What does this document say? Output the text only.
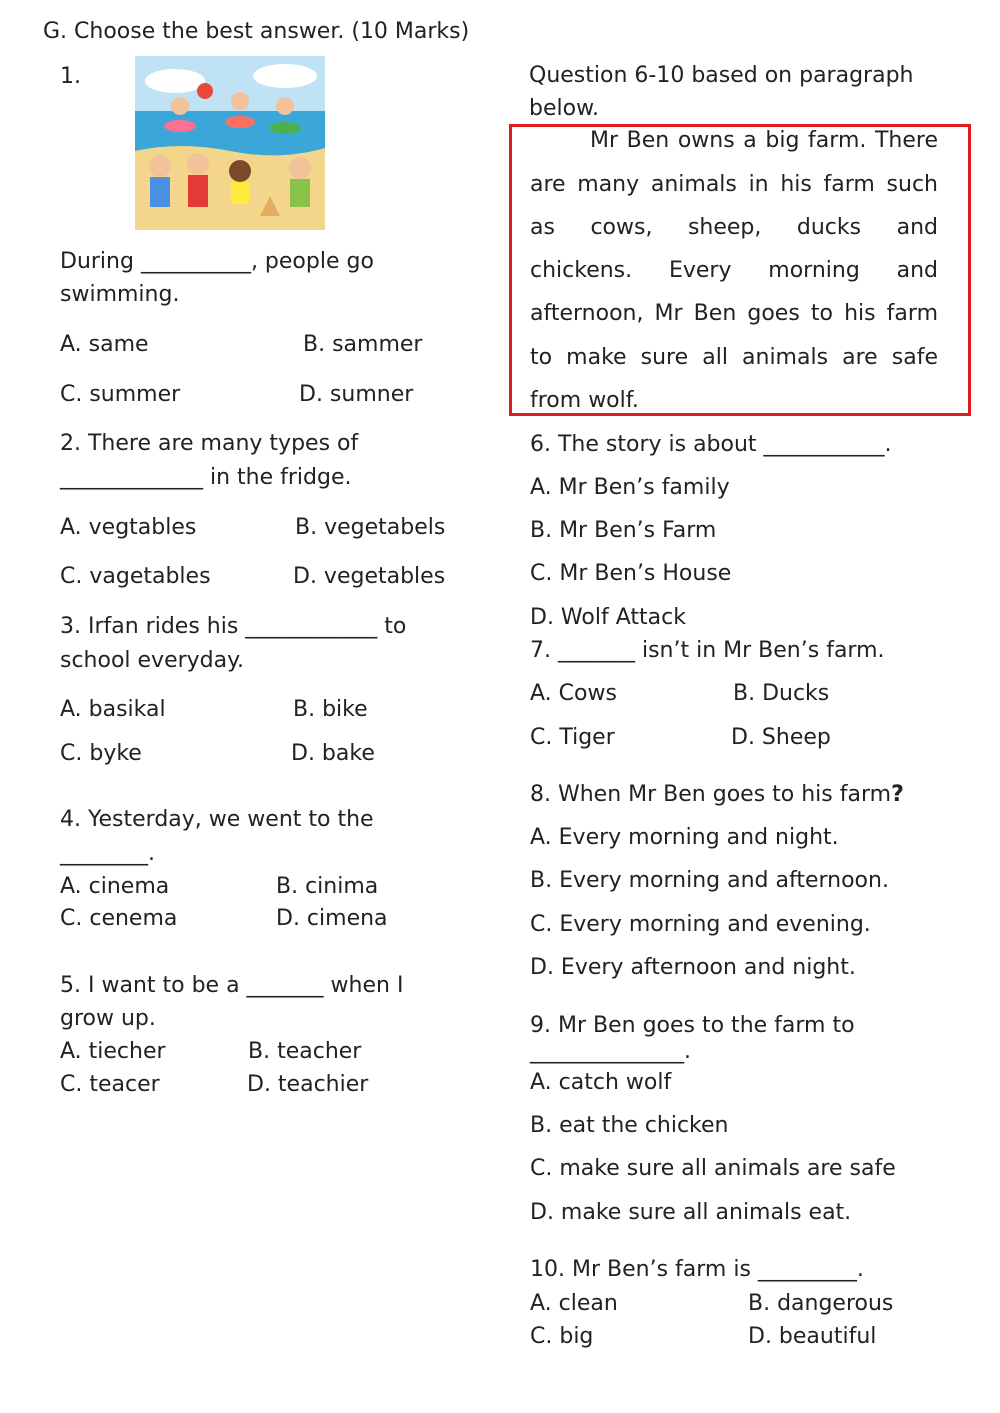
G. Choose the best answer. (10 Marks)
1.
During __________, people go
swimming.
A. same	B. sammer
C. summer	D. sumner
2. There are many types of
_____________ in the fridge.
A. vegtables	B. vegetabels
C. vagetables	D. vegetables
3. Irfan rides his ____________ to
school everyday.
A. basikal	B. bike
C. byke	D. bake
4. Yesterday, we went to the
________.
A. cinema	B. cinima
C. cenema	D. cimena
5. I want to be a _______ when I
grow up.
A. tiecher	B. teacher
C. teacer	D. teachier
Question 6-10 based on paragraph
below.
Mr Ben owns a big farm. There
are many animals in his farm such
as cows, sheep, ducks and
chickens. Every morning and
afternoon, Mr Ben goes to his farm
to make sure all animals are safe
from wolf.
6. The story is about ___________.
A. Mr Ben’s family
B. Mr Ben’s Farm
C. Mr Ben’s House
D. Wolf Attack
7. _______ isn’t in Mr Ben’s farm.
A. Cows	B. Ducks
C. Tiger	D. Sheep
8. When Mr Ben goes to his farm?
A. Every morning and night.
B. Every morning and afternoon.
C. Every morning and evening.
D. Every afternoon and night.
9. Mr Ben goes to the farm to
______________.
A. catch wolf
B. eat the chicken
C. make sure all animals are safe
D. make sure all animals eat.
10. Mr Ben’s farm is _________.
A. clean	B. dangerous
C. big	D. beautiful
